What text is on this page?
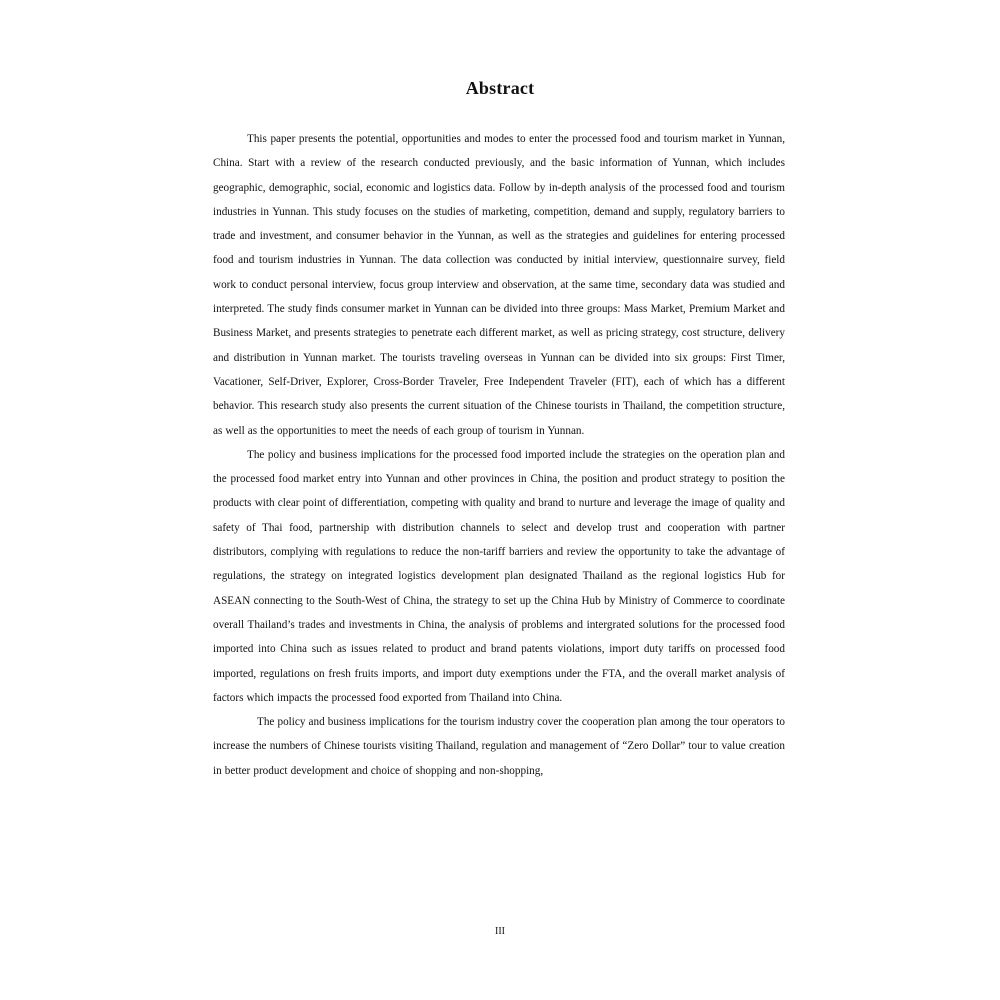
Abstract

This paper presents the potential, opportunities and modes to enter the processed food and tourism market in Yunnan, China. Start with a review of the research conducted previously, and the basic information of Yunnan, which includes geographic, demographic, social, economic and logistics data. Follow by in-depth analysis of the processed food and tourism industries in Yunnan. This study focuses on the studies of marketing, competition, demand and supply, regulatory barriers to trade and investment, and consumer behavior in the Yunnan, as well as the strategies and guidelines for entering processed food and tourism industries in Yunnan. The data collection was conducted by initial interview, questionnaire survey, field work to conduct personal interview, focus group interview and observation, at the same time, secondary data was studied and interpreted. The study finds consumer market in Yunnan can be divided into three groups: Mass Market, Premium Market and Business Market, and presents strategies to penetrate each different market, as well as pricing strategy, cost structure, delivery and distribution in Yunnan market. The tourists traveling overseas in Yunnan can be divided into six groups: First Timer, Vacationer, Self-Driver, Explorer, Cross-Border Traveler, Free Independent Traveler (FIT), each of which has a different behavior. This research study also presents the current situation of the Chinese tourists in Thailand, the competition structure, as well as the opportunities to meet the needs of each group of tourism in Yunnan.

The policy and business implications for the processed food imported include the strategies on the operation plan and the processed food market entry into Yunnan and other provinces in China, the position and product strategy to position the products with clear point of differentiation, competing with quality and brand to nurture and leverage the image of quality and safety of Thai food, partnership with distribution channels to select and develop trust and cooperation with partner distributors, complying with regulations to reduce the non-tariff barriers and review the opportunity to take the advantage of regulations, the strategy on integrated logistics development plan designated Thailand as the regional logistics Hub for ASEAN connecting to the South-West of China, the strategy to set up the China Hub by Ministry of Commerce to coordinate overall Thailand’s trades and investments in China, the analysis of problems and intergrated solutions for the processed food imported into China such as issues related to product and brand patents violations, import duty tariffs on processed food imported, regulations on fresh fruits imports, and import duty exemptions under the FTA, and the overall market analysis of factors which impacts the processed food exported from Thailand into China.

The policy and business implications for the tourism industry cover the cooperation plan among the tour operators to increase the numbers of Chinese tourists visiting Thailand, regulation and management of “Zero Dollar” tour to value creation in better product development and choice of shopping and non-shopping,

III
